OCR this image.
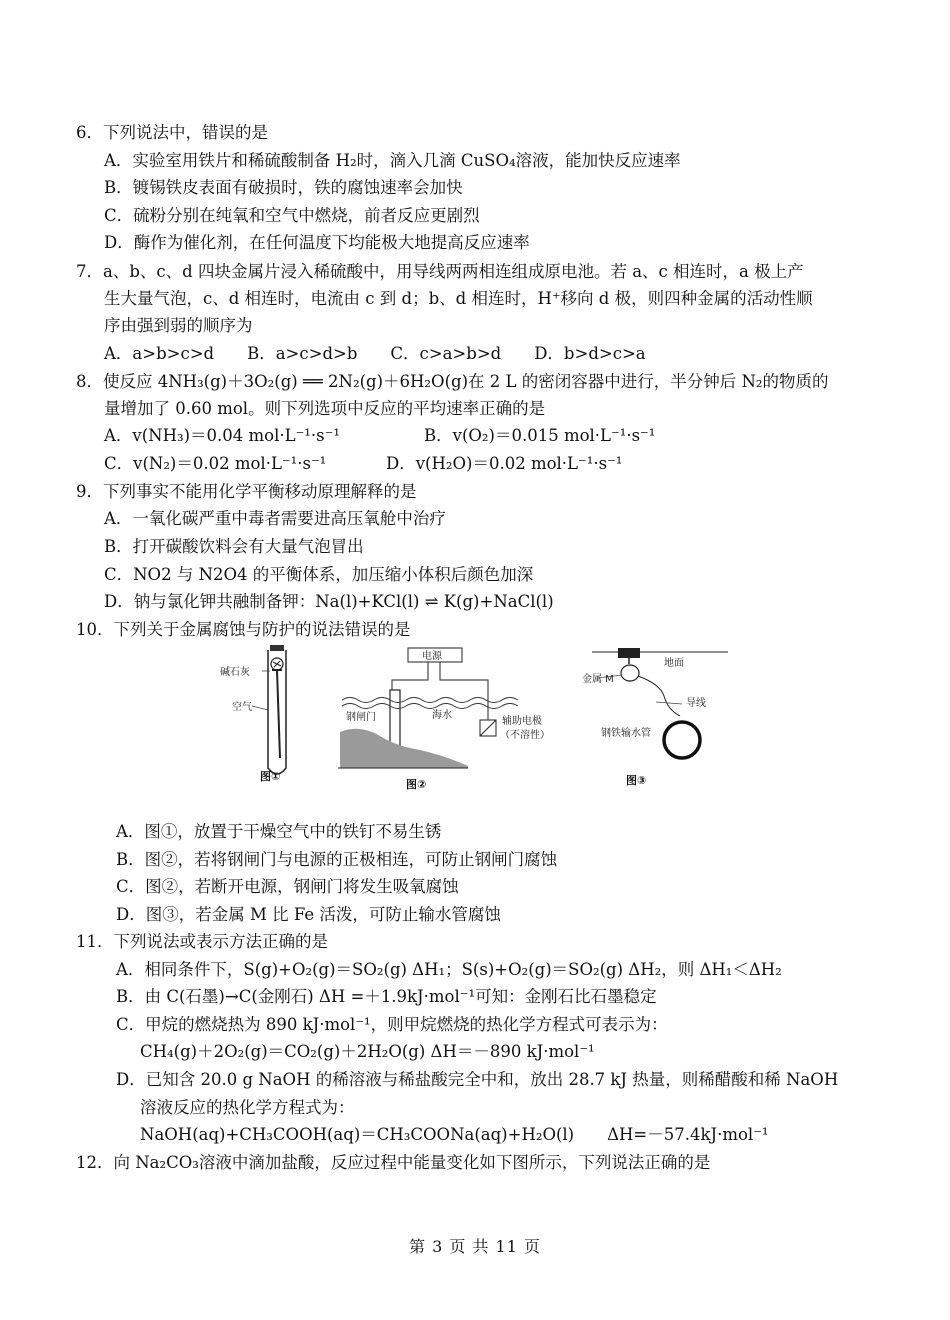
6．下列说法中，错误的是
A．实验室用铁片和稀硫酸制备 H₂时，滴入几滴 CuSO₄溶液，能加快反应速率
B．镀锡铁皮表面有破损时，铁的腐蚀速率会加快
C．硫粉分别在纯氧和空气中燃烧，前者反应更剧烈
D．酶作为催化剂，在任何温度下均能极大地提高反应速率
7．a、b、c、d 四块金属片浸入稀硫酸中，用导线两两相连组成原电池。若 a、c 相连时，a 极上产
生大量气泡，c、d 相连时，电流由 c 到 d；b、d 相连时，H⁺移向 d 极，则四种金属的活动性顺
序由强到弱的顺序为
A．a>b>c>d　　B．a>c>d>b　　C．c>a>b>d　　D．b>d>c>a
8．使反应 4NH₃(g)＋3O₂(g) ══ 2N₂(g)＋6H₂O(g)在 2 L 的密闭容器中进行，半分钟后 N₂的物质的
量增加了 0.60 mol。则下列选项中反应的平均速率正确的是
A．v(NH₃)＝0.04 mol·L⁻¹·s⁻¹	B．v(O₂)＝0.015 mol·L⁻¹·s⁻¹
C．v(N₂)＝0.02 mol·L⁻¹·s⁻¹	D．v(H₂O)＝0.02 mol·L⁻¹·s⁻¹
9．下列事实不能用化学平衡移动原理解释的是
A．一氧化碳严重中毒者需要进高压氧舱中治疗
B．打开碳酸饮料会有大量气泡冒出
C．NO2 与 N2O4 的平衡体系，加压缩小体积后颜色加深
D．钠与氯化钾共融制备钾：Na(l)+KCl(l) ⇌ K(g)+NaCl(l)
10．下列关于金属腐蚀与防护的说法错误的是
碱石灰
空气
图①
电源
钢闸门	海水
辅助电极
（不溶性）
图②
地面
金属 M
导线
钢铁输水管
图③
A．图①，放置于干燥空气中的铁钉不易生锈
B．图②，若将钢闸门与电源的正极相连，可防止钢闸门腐蚀
C．图②，若断开电源，钢闸门将发生吸氧腐蚀
D．图③，若金属 M 比 Fe 活泼，可防止输水管腐蚀
11．下列说法或表示方法正确的是
A．相同条件下，S(g)+O₂(g)＝SO₂(g) ΔH₁；S(s)+O₂(g)＝SO₂(g) ΔH₂，则 ΔH₁＜ΔH₂
B．由 C(石墨)→C(金刚石) ΔH =＋1.9kJ·mol⁻¹可知：金刚石比石墨稳定
C．甲烷的燃烧热为 890 kJ·mol⁻¹，则甲烷燃烧的热化学方程式可表示为：
CH₄(g)＋2O₂(g)＝CO₂(g)＋2H₂O(g) ΔH＝－890 kJ·mol⁻¹
D．已知含 20.0 g NaOH 的稀溶液与稀盐酸完全中和，放出 28.7 kJ 热量，则稀醋酸和稀 NaOH
溶液反应的热化学方程式为：
NaOH(aq)+CH₃COOH(aq)＝CH₃COONa(aq)+H₂O(l)　　ΔH=－57.4kJ·mol⁻¹
12．向 Na₂CO₃溶液中滴加盐酸，反应过程中能量变化如下图所示，下列说法正确的是
第 3 页 共 11 页
